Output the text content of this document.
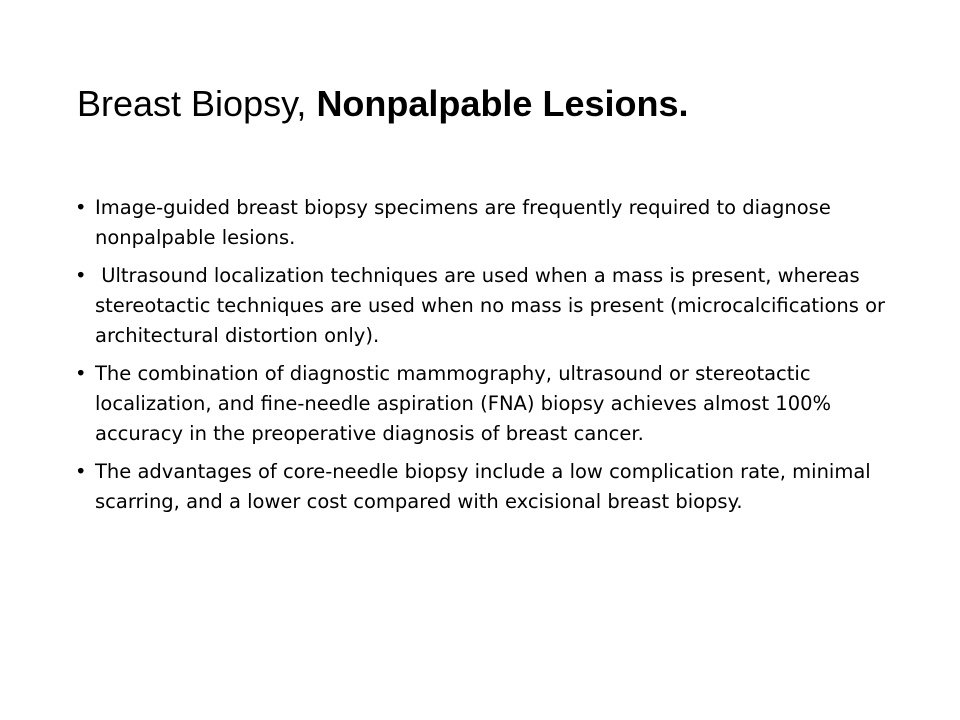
Breast Biopsy, Nonpalpable Lesions.
• Image-guided breast biopsy specimens are frequently required to diagnose nonpalpable lesions.
•  Ultrasound localization techniques are used when a mass is present, whereas stereotactic techniques are used when no mass is present (microcalcifications or architectural distortion only).
• The combination of diagnostic mammography, ultrasound or stereotactic localization, and fine-needle aspiration (FNA) biopsy achieves almost 100% accuracy in the preoperative diagnosis of breast cancer.
• The advantages of core-needle biopsy include a low complication rate, minimal scarring, and a lower cost compared with excisional breast biopsy.
